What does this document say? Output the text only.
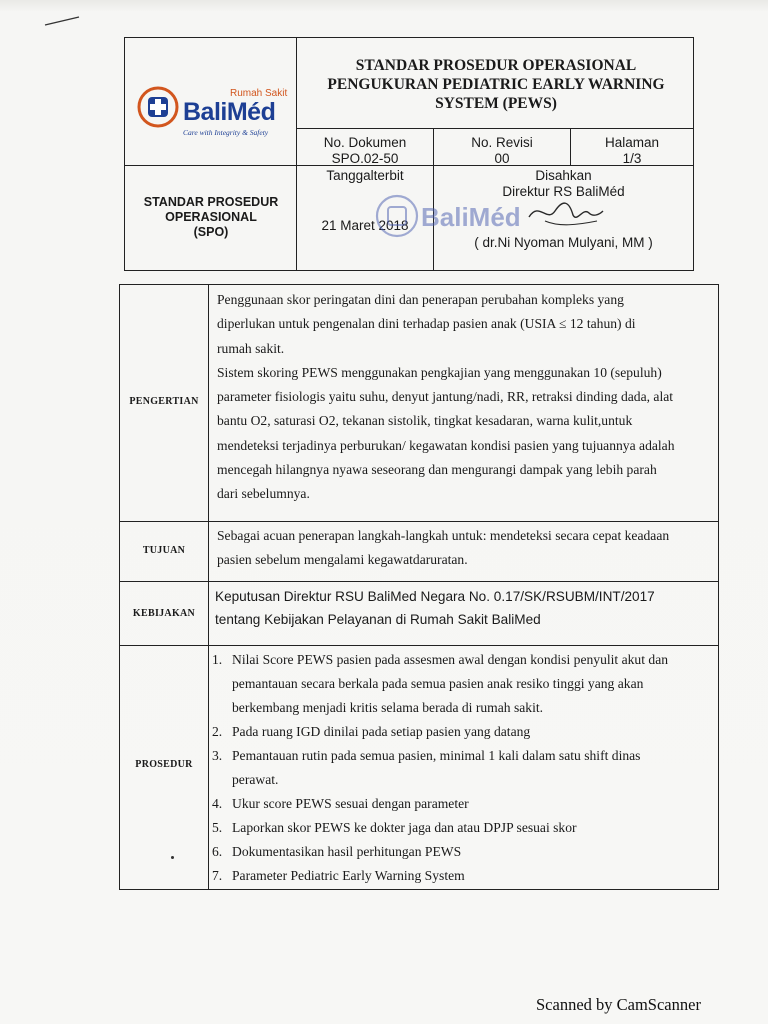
Rumah Sakit
BaliMéd
Care with Integrity & Safety
STANDAR PROSEDUR OPERASIONAL
PENGUKURAN PEDIATRIC EARLY WARNING
SYSTEM (PEWS)
No. Dokumen
SPO.02-50
No. Revisi
00
Halaman
1/3
STANDAR PROSEDUR
OPERASIONAL
(SPO)
Tanggalterbit
21 Maret 2018
Disahkan
Direktur RS BaliMéd
( dr.Ni Nyoman Mulyani, MM )
BaliMéd
PENGERTIAN
Penggunaan skor peringatan dini dan penerapan perubahan kompleks yang
diperlukan untuk pengenalan dini terhadap pasien anak (USIA ≤ 12 tahun) di
rumah sakit.
Sistem skoring PEWS menggunakan pengkajian yang menggunakan 10 (sepuluh)
parameter fisiologis yaitu suhu, denyut jantung/nadi, RR, retraksi dinding dada, alat
bantu O2, saturasi O2, tekanan sistolik, tingkat kesadaran, warna kulit,untuk
mendeteksi terjadinya perburukan/ kegawatan kondisi pasien yang tujuannya adalah
mencegah hilangnya nyawa seseorang dan mengurangi dampak yang lebih parah
dari sebelumnya.
TUJUAN
Sebagai acuan penerapan langkah-langkah untuk: mendeteksi secara cepat keadaan
pasien sebelum mengalami kegawatdaruratan.
KEBIJAKAN
Keputusan Direktur RSU BaliMed Negara No. 0.17/SK/RSUBM/INT/2017
tentang Kebijakan Pelayanan di Rumah Sakit BaliMed
PROSEDUR
1. Nilai Score PEWS pasien pada assesmen awal dengan kondisi penyulit akut dan
pemantauan secara berkala pada semua pasien anak resiko tinggi yang akan
berkembang menjadi kritis selama berada di rumah sakit.
2. Pada ruang IGD dinilai pada setiap pasien yang datang
3. Pemantauan rutin pada semua pasien, minimal 1 kali dalam satu shift dinas
perawat.
4. Ukur score PEWS sesuai dengan parameter
5. Laporkan skor PEWS ke dokter jaga dan atau DPJP sesuai skor
6. Dokumentasikan hasil perhitungan PEWS
7. Parameter Pediatric Early Warning System
Scanned by CamScanner
